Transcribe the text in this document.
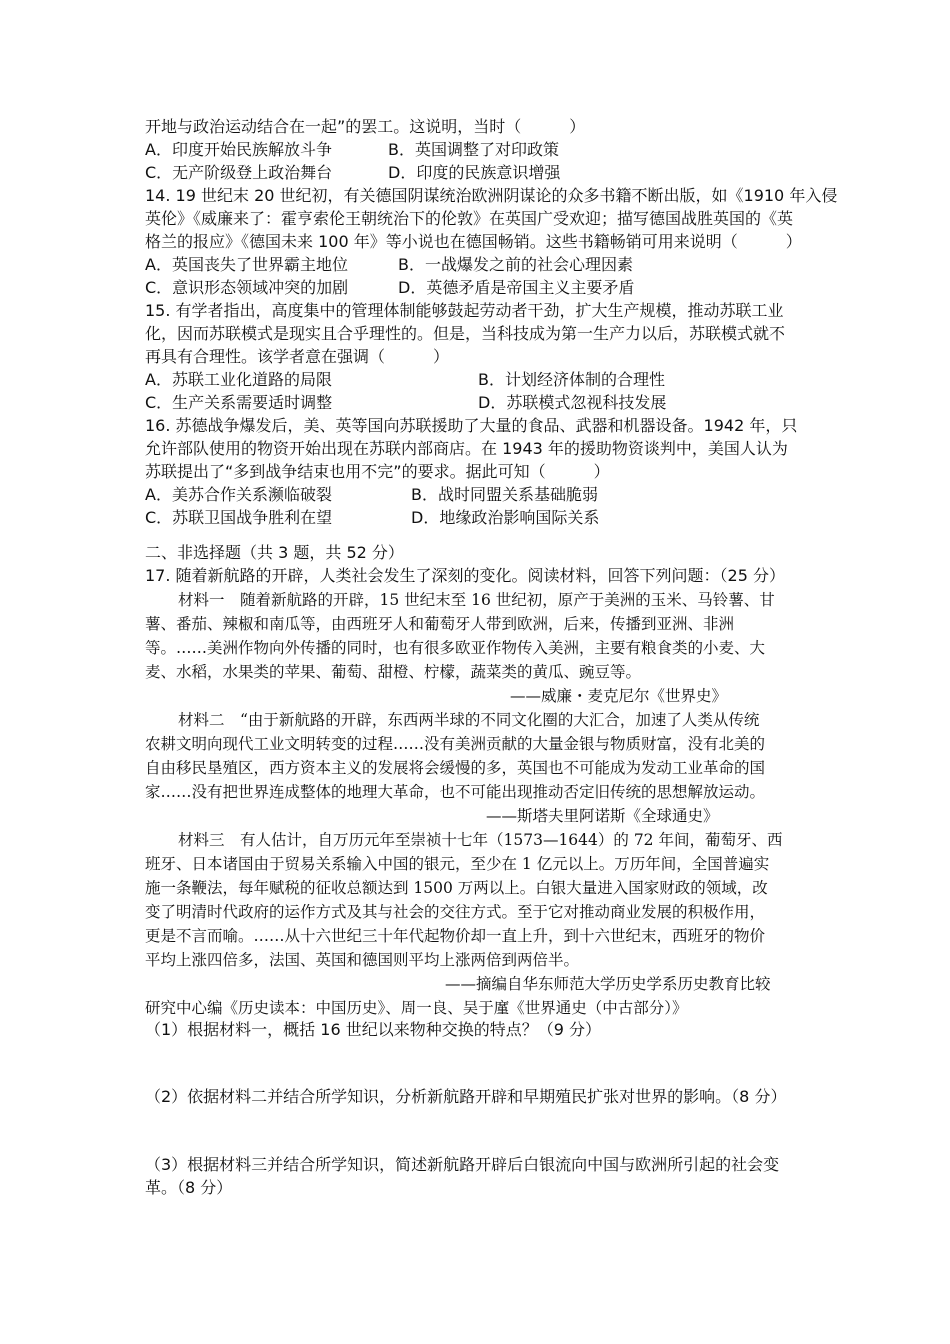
开地与政治运动结合在一起”的罢工。这说明，当时（　　　）
A．印度开始民族解放斗争	B．英国调整了对印政策
C．无产阶级登上政治舞台	D．印度的民族意识增强
14. 19 世纪末 20 世纪初，有关德国阴谋统治欧洲阴谋论的众多书籍不断出版，如《1910 年入侵
英伦》《威廉来了：霍亨索伦王朝统治下的伦敦》在英国广受欢迎；描写德国战胜英国的《英
格兰的报应》《德国未来 100 年》等小说也在德国畅销。这些书籍畅销可用来说明（　　　）
A．英国丧失了世界霸主地位	B．一战爆发之前的社会心理因素
C．意识形态领域冲突的加剧	D．英德矛盾是帝国主义主要矛盾
15. 有学者指出，高度集中的管理体制能够鼓起劳动者干劲，扩大生产规模，推动苏联工业
化，因而苏联模式是现实且合乎理性的。但是，当科技成为第一生产力以后，苏联模式就不
再具有合理性。该学者意在强调（　　　）
A．苏联工业化道路的局限	B．计划经济体制的合理性
C．生产关系需要适时调整	D．苏联模式忽视科技发展
16. 苏德战争爆发后，美、英等国向苏联援助了大量的食品、武器和机器设备。1942 年，只
允许部队使用的物资开始出现在苏联内部商店。在 1943 年的援助物资谈判中，美国人认为
苏联提出了“多到战争结束也用不完”的要求。据此可知（　　　）
A．美苏合作关系濒临破裂	B．战时同盟关系基础脆弱
C．苏联卫国战争胜利在望	D．地缘政治影响国际关系
二、非选择题（共 3 题，共 52 分）
17. 随着新航路的开辟，人类社会发生了深刻的变化。阅读材料，回答下列问题：（25 分）
材料一　随着新航路的开辟，15 世纪末至 16 世纪初，原产于美洲的玉米、马铃薯、甘
薯、番茄、辣椒和南瓜等，由西班牙人和葡萄牙人带到欧洲，后来，传播到亚洲、非洲
等。……美洲作物向外传播的同时，也有很多欧亚作物传入美洲，主要有粮食类的小麦、大
麦、水稻，水果类的苹果、葡萄、甜橙、柠檬，蔬菜类的黄瓜、豌豆等。
——威廉・麦克尼尔《世界史》
材料二　“由于新航路的开辟，东西两半球的不同文化圈的大汇合，加速了人类从传统
农耕文明向现代工业文明转变的过程……没有美洲贡献的大量金银与物质财富，没有北美的
自由移民垦殖区，西方资本主义的发展将会缓慢的多，英国也不可能成为发动工业革命的国
家……没有把世界连成整体的地理大革命，也不可能出现推动否定旧传统的思想解放运动。
——斯塔夫里阿诺斯《全球通史》
材料三　有人估计，自万历元年至崇祯十七年（1573—1644）的 72 年间，葡萄牙、西
班牙、日本诸国由于贸易关系输入中国的银元，至少在 1 亿元以上。万历年间，全国普遍实
施一条鞭法，每年赋税的征收总额达到 1500 万两以上。白银大量进入国家财政的领域，改
变了明清时代政府的运作方式及其与社会的交往方式。至于它对推动商业发展的积极作用，
更是不言而喻。……从十六世纪三十年代起物价却一直上升，到十六世纪末，西班牙的物价
平均上涨四倍多，法国、英国和德国则平均上涨两倍到两倍半。
——摘编自华东师范大学历史学系历史教育比较
研究中心编《历史读本：中国历史》、周一良、吴于廑《世界通史（中古部分）》
（1）根据材料一，概括 16 世纪以来物种交换的特点？（9 分）
（2）依据材料二并结合所学知识，分析新航路开辟和早期殖民扩张对世界的影响。（8 分）
（3）根据材料三并结合所学知识，简述新航路开辟后白银流向中国与欧洲所引起的社会变
革。（8 分）
